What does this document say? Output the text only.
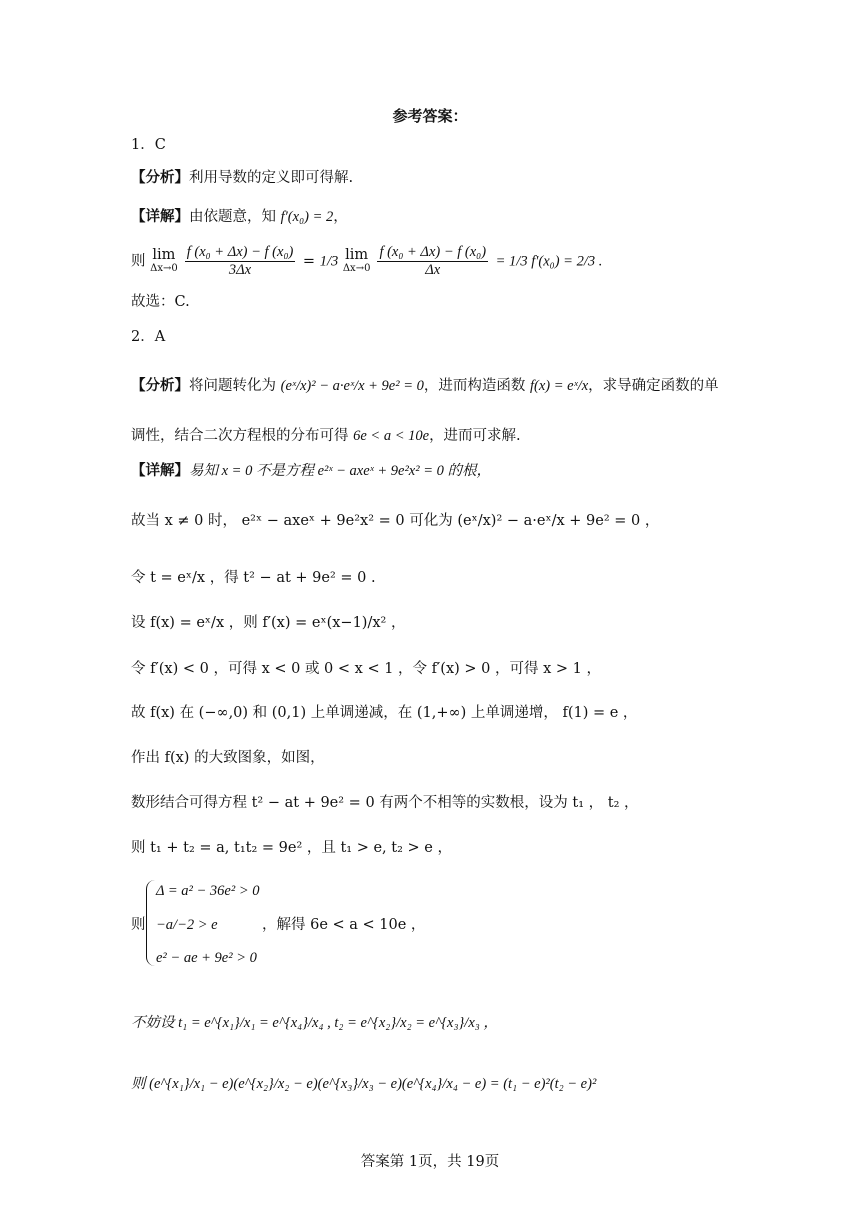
参考答案：
1．C
【分析】利用导数的定义即可得解.
【详解】由依题意，知 f′(x₀) = 2，
则 lim
$\Delta x\to 0 \frac{\text{f (x₀ + Δx) − f (x₀)}}{3\Delta x} = 1/3$ lim
$\Delta x\to 0 \frac{\text{f (x₀ + Δx) − f (x₀)}}{\Delta x} = 1/3$ f′(x₀) = 2/3 .
故选：C.
2．A
【分析】将问题转化为 (eˣ/x)² − a·eˣ/x + 9e² = 0，进而构造函数 f(x) = eˣ/x，求导确定函数的单
调性，结合二次方程根的分布可得 6e < a < 10e，进而可求解.
【详解】易知 x = 0 不是方程 e²ˣ − axeˣ + 9e²x² = 0 的根，
故当 x ≠ 0 时， e²ˣ − axeˣ + 9e²x² = 0 可化为 (eˣ/x)² − a·eˣ/x + 9e² = 0 ，
令 t = eˣ/x ，得 t² − at + 9e² = 0 .
设 f(x) = eˣ/x ，则 f′(x) = eˣ(x−1)/x² ，
令 f′(x) < 0 ，可得 x < 0 或 0 < x < 1 ，令 f′(x) > 0 ，可得 x > 1 ，
故 f(x) 在 (−∞,0) 和 (0,1) 上单调递减，在 (1,+∞) 上单调递增， f(1) = e ，
作出 f(x) 的大致图象，如图，
数形结合可得方程 t² − at + 9e² = 0 有两个不相等的实数根，设为 t₁ ， t₂ ，
则 t₁ + t₂ = a, t₁t₂ = 9e² ，且 t₁ > e, t₂ > e ，
则
Δ = a² − 36e² > 0
−a/−2 > e
e² − ae + 9e² > 0
，解得 6e < a < 10e ，
不妨设 t₁ = e^{x₁}/x₁ = e^{x₄}/x₄ , t₂ = e^{x₂}/x₂ = e^{x₃}/x₃ ，
则 (e^{x₁}/x₁ − e)(e^{x₂}/x₂ − e)(e^{x₃}/x₃ − e)(e^{x₄}/x₄ − e) = (t₁ − e)²(t₂ − e)²
答案第 1页，共 19页
